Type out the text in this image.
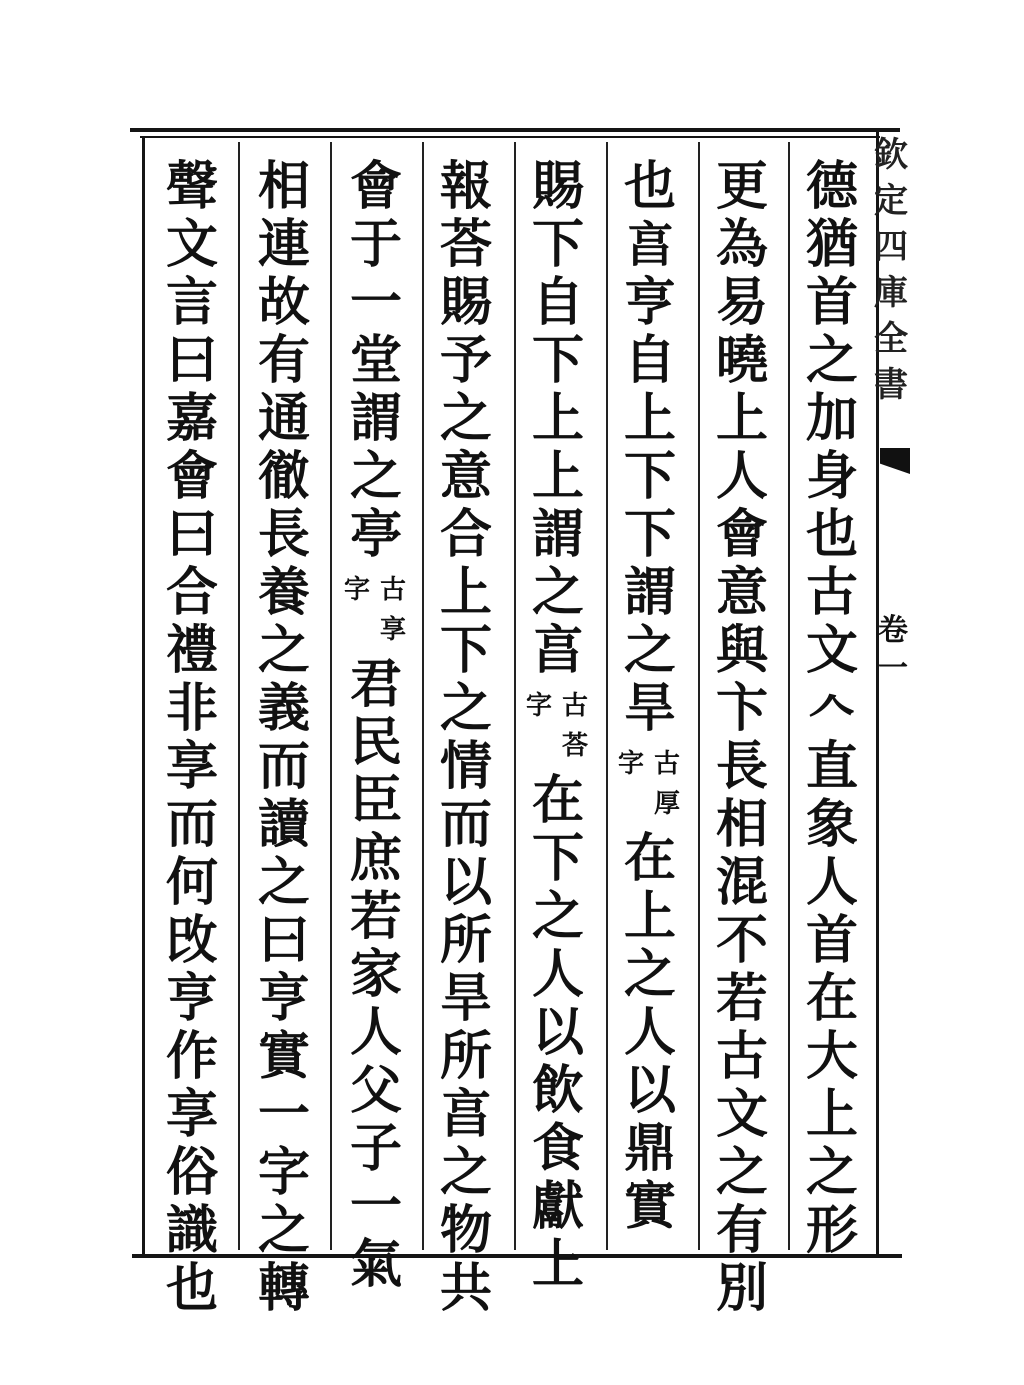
欽
定
四
庫
全
書
卷
一
德
猶
首
之
加
身
也
古
文
𠆢
直
象
人
首
在
大
上
之
形
更
為
易
曉
上
人
會
意
與
卞
長
相
混
不
若
古
文
之
有
別
也
亯
亨
自
上
下
下
謂
之
旱
古
厚
字
在
上
之
人
以
鼎
實
賜
下
自
下
上
上
謂
之
亯
古
荅
字
在
下
之
人
以
飲
食
獻
上
報
荅
賜
予
之
意
合
上
下
之
情
而
以
所
旱
所
亯
之
物
共
會
于
一
堂
謂
之
亭
古
享
字
君
民
臣
庶
若
家
人
父
子
一
氣
相
連
故
有
通
徹
長
養
之
義
而
讀
之
曰
亨
實
一
字
之
轉
聲
文
言
曰
嘉
會
曰
合
禮
非
享
而
何
攺
亨
作
享
俗
識
也
